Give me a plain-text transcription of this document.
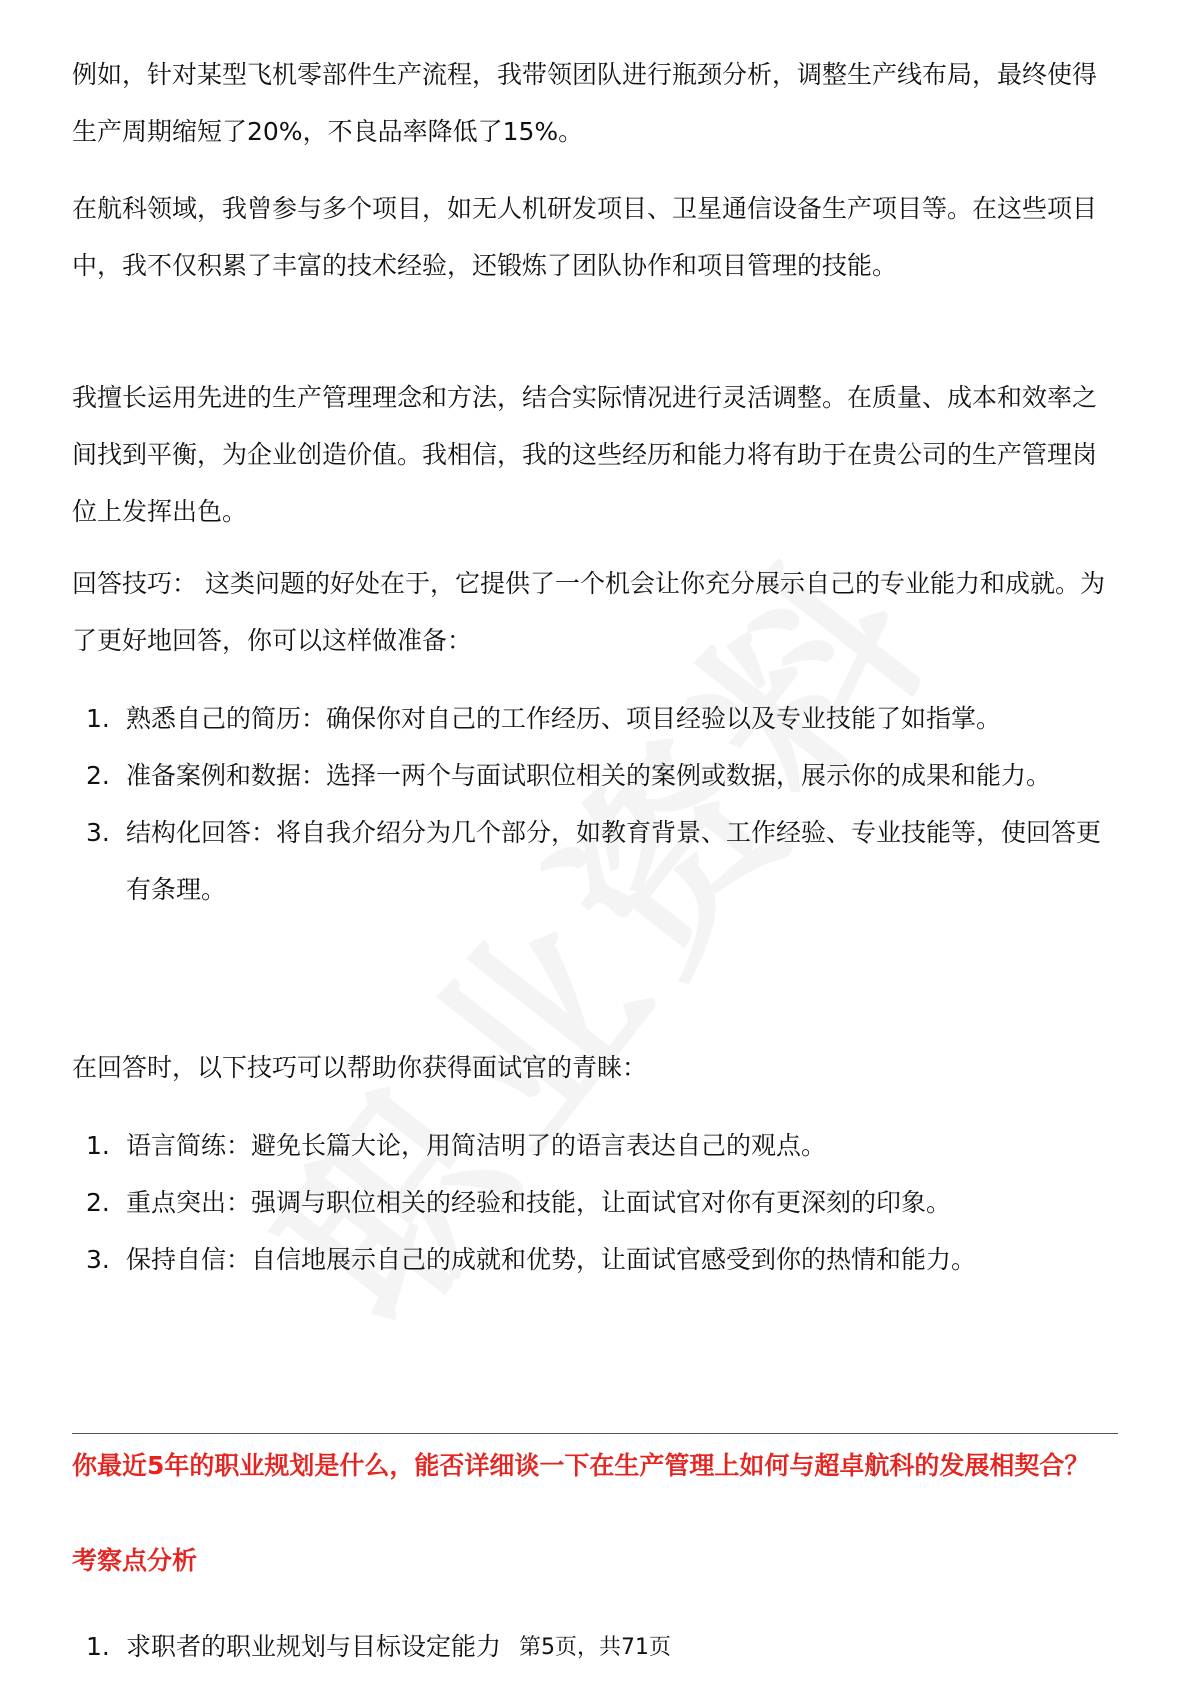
例如，针对某型飞机零部件生产流程，我带领团队进行瓶颈分析，调整生产线布局，最终使得生产周期缩短了20%，不良品率降低了15%。

在航科领域，我曾参与多个项目，如无人机研发项目、卫星通信设备生产项目等。在这些项目中，我不仅积累了丰富的技术经验，还锻炼了团队协作和项目管理的技能。

我擅长运用先进的生产管理理念和方法，结合实际情况进行灵活调整。在质量、成本和效率之间找到平衡，为企业创造价值。我相信，我的这些经历和能力将有助于在贵公司的生产管理岗位上发挥出色。

回答技巧： 这类问题的好处在于，它提供了一个机会让你充分展示自己的专业能力和成就。为了更好地回答，你可以这样做准备：

1. 熟悉自己的简历：确保你对自己的工作经历、项目经验以及专业技能了如指掌。
2. 准备案例和数据：选择一两个与面试职位相关的案例或数据，展示你的成果和能力。
3. 结构化回答：将自我介绍分为几个部分，如教育背景、工作经验、专业技能等，使回答更有条理。

在回答时，以下技巧可以帮助你获得面试官的青睐：

1. 语言简练：避免长篇大论，用简洁明了的语言表达自己的观点。
2. 重点突出：强调与职位相关的经验和技能，让面试官对你有更深刻的印象。
3. 保持自信：自信地展示自己的成就和优势，让面试官感受到你的热情和能力。
你最近5年的职业规划是什么，能否详细谈一下在生产管理上如何与超卓航科的发展相契合？
考察点分析
1. 求职者的职业规划与目标设定能力 第5页，共71页
